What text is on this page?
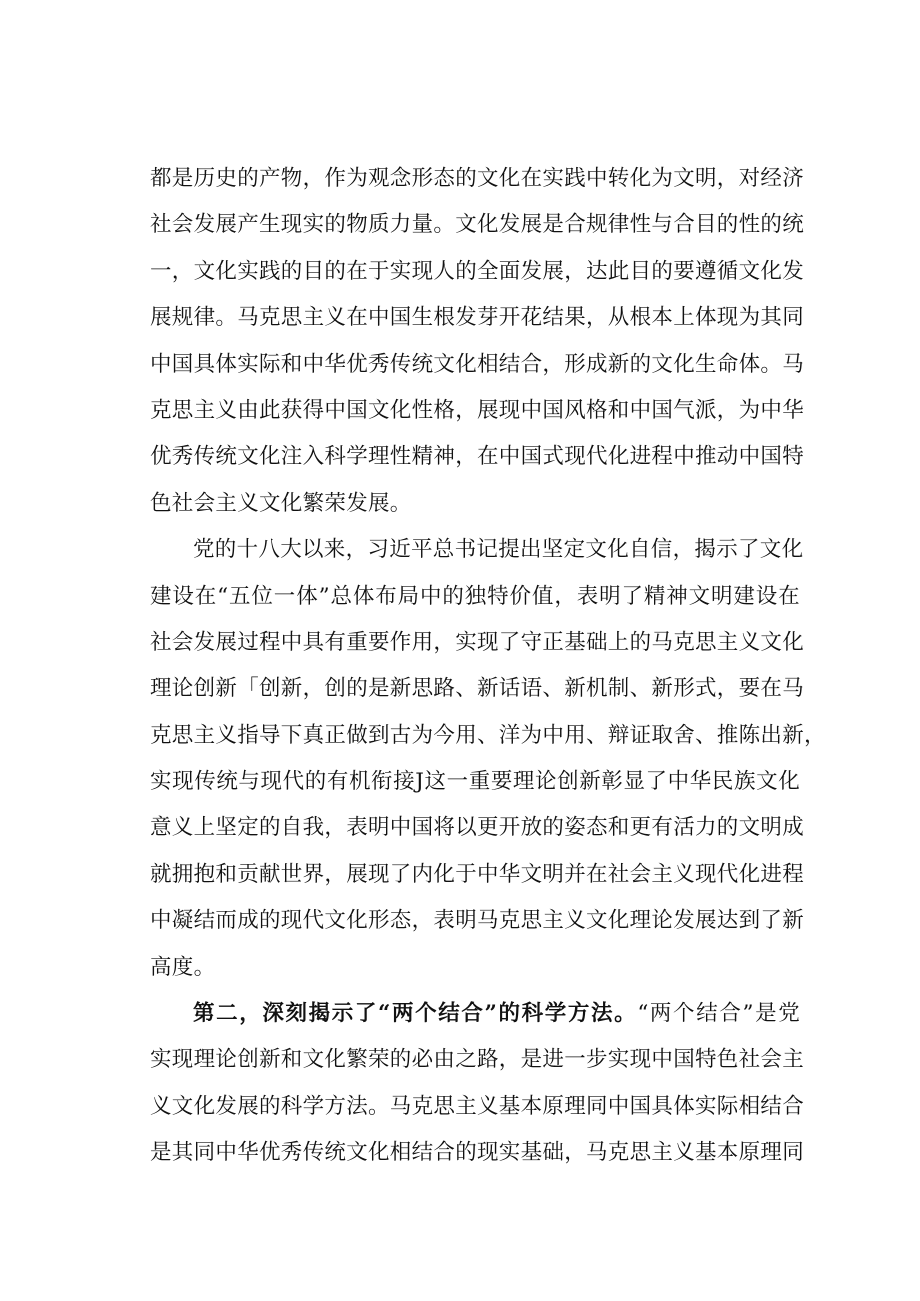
都是历史的产物，作为观念形态的文化在实践中转化为文明，对经济
社会发展产生现实的物质力量。文化发展是合规律性与合目的性的统
一，文化实践的目的在于实现人的全面发展，达此目的要遵循文化发
展规律。马克思主义在中国生根发芽开花结果，从根本上体现为其同
中国具体实际和中华优秀传统文化相结合，形成新的文化生命体。马
克思主义由此获得中国文化性格，展现中国风格和中国气派，为中华
优秀传统文化注入科学理性精神，在中国式现代化进程中推动中国特
色社会主义文化繁荣发展。
党的十八大以来，习近平总书记提出坚定文化自信，揭示了文化
建设在“五位一体”总体布局中的独特价值，表明了精神文明建设在
社会发展过程中具有重要作用，实现了守正基础上的马克思主义文化
理论创新「创新，创的是新思路、新话语、新机制、新形式，要在马
克思主义指导下真正做到古为今用、洋为中用、辩证取舍、推陈出新，
实现传统与现代的有机衔接J这一重要理论创新彰显了中华民族文化
意义上坚定的自我，表明中国将以更开放的姿态和更有活力的文明成
就拥抱和贡献世界，展现了内化于中华文明并在社会主义现代化进程
中凝结而成的现代文化形态，表明马克思主义文化理论发展达到了新
高度。
第二，深刻揭示了“两个结合”的科学方法。“两个结合”是党
实现理论创新和文化繁荣的必由之路，是进一步实现中国特色社会主
义文化发展的科学方法。马克思主义基本原理同中国具体实际相结合
是其同中华优秀传统文化相结合的现实基础，马克思主义基本原理同
